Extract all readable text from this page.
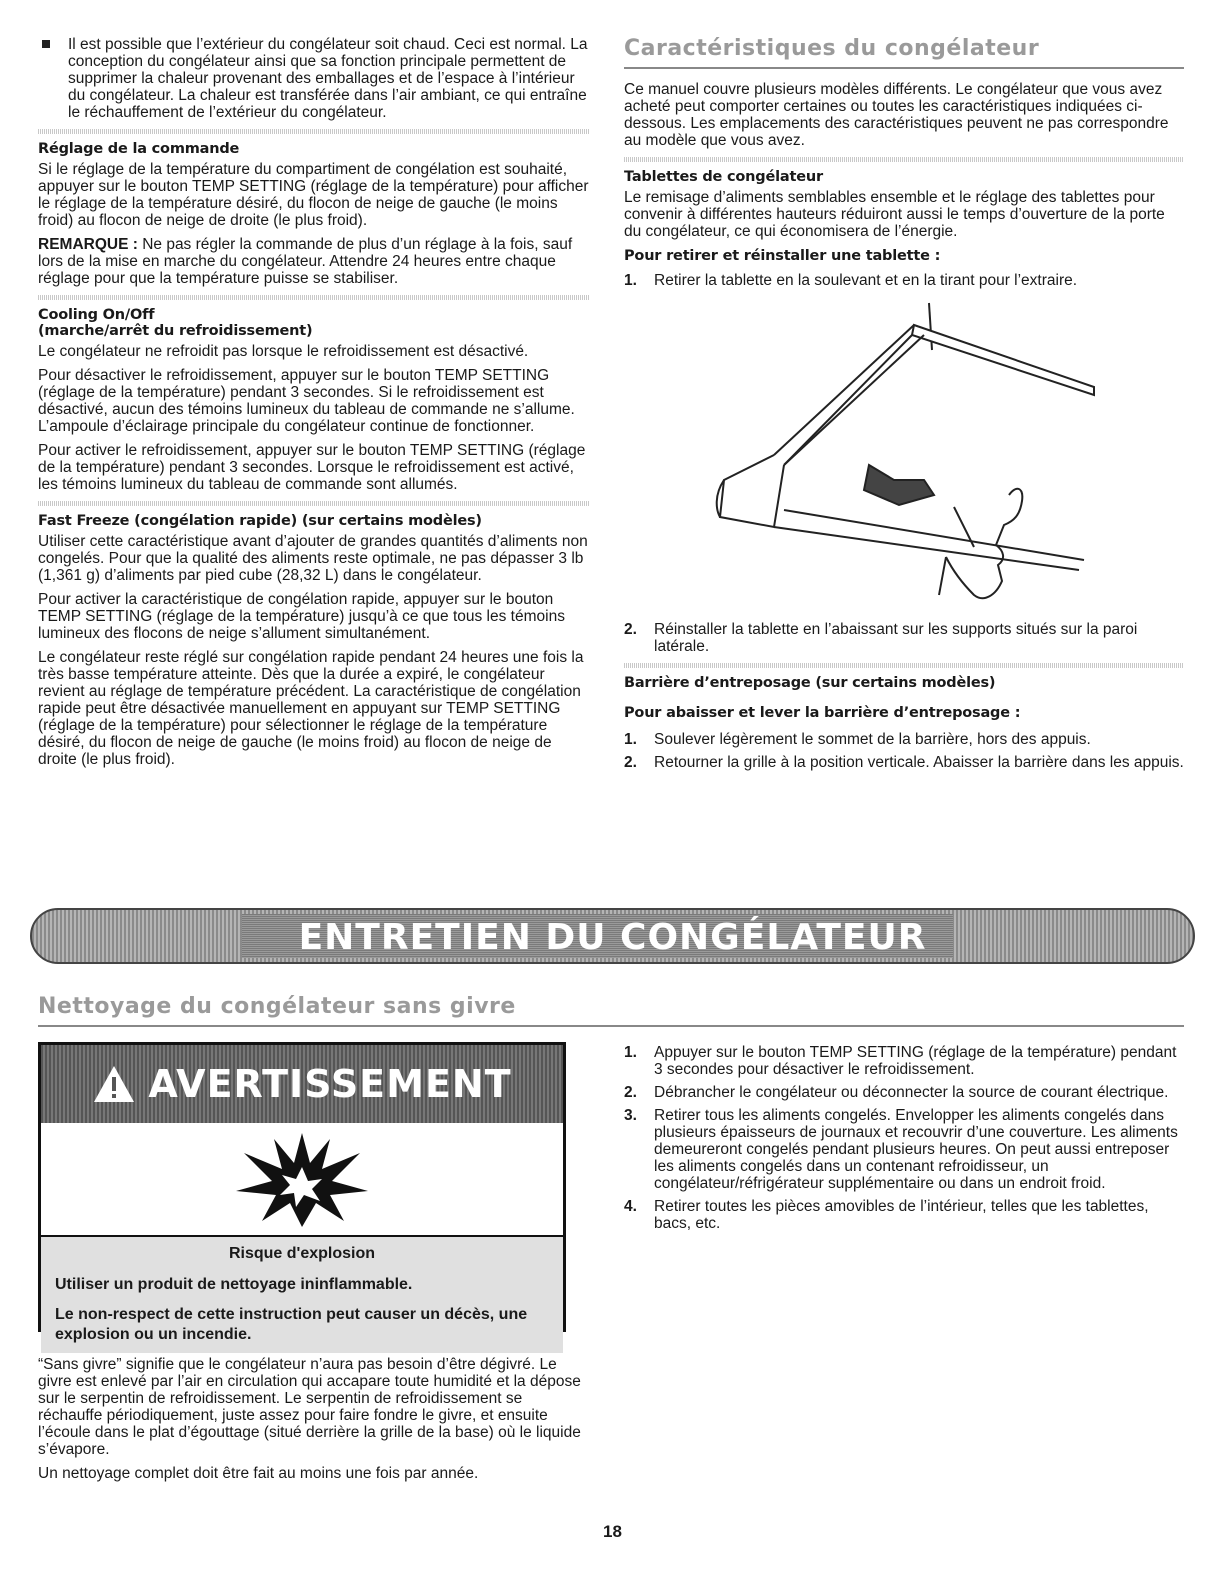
Il est possible que l’extérieur du congélateur soit chaud. Ceci est normal. La conception du congélateur ainsi que sa fonction principale permettent de supprimer la chaleur provenant des emballages et de l’espace à l’intérieur du congélateur. La chaleur est transférée dans l’air ambiant, ce qui entraîne le réchauffement de l’extérieur du congélateur.
Réglage de la commande

Si le réglage de la température du compartiment de congélation est souhaité, appuyer sur le bouton TEMP SETTING (réglage de la température) pour afficher le réglage de la température désiré, du flocon de neige de gauche (le moins froid) au flocon de neige de droite (le plus froid).

REMARQUE : Ne pas régler la commande de plus d’un réglage à la fois, sauf lors de la mise en marche du congélateur. Attendre 24 heures entre chaque réglage pour que la température puisse se stabiliser.

Cooling On/Off
(marche/arrêt du refroidissement)

Le congélateur ne refroidit pas lorsque le refroidissement est désactivé.

Pour désactiver le refroidissement, appuyer sur le bouton TEMP SETTING (réglage de la température) pendant 3 secondes. Si le refroidissement est désactivé, aucun des témoins lumineux du tableau de commande ne s’allume. L’ampoule d’éclairage principale du congélateur continue de fonctionner.

Pour activer le refroidissement, appuyer sur le bouton TEMP SETTING (réglage de la température) pendant 3 secondes. Lorsque le refroidissement est activé, les témoins lumineux du tableau de commande sont allumés.

Fast Freeze (congélation rapide) (sur certains modèles)

Utiliser cette caractéristique avant d’ajouter de grandes quantités d’aliments non congelés. Pour que la qualité des aliments reste optimale, ne pas dépasser 3 lb (1,361 g) d’aliments par pied cube (28,32 L) dans le congélateur.

Pour activer la caractéristique de congélation rapide, appuyer sur le bouton TEMP SETTING (réglage de la température) jusqu’à ce que tous les témoins lumineux des flocons de neige s’allument simultanément.

Le congélateur reste réglé sur congélation rapide pendant 24 heures une fois la très basse température atteinte. Dès que la durée a expiré, le congélateur revient au réglage de température précédent. La caractéristique de congélation rapide peut être désactivée manuellement en appuyant sur TEMP SETTING (réglage de la température) pour sélectionner le réglage de la température désiré, du flocon de neige de gauche (le moins froid) au flocon de neige de droite (le plus froid).

Caractéristiques du congélateur

Ce manuel couvre plusieurs modèles différents. Le congélateur que vous avez acheté peut comporter certaines ou toutes les caractéristiques indiquées ci-dessous. Les emplacements des caractéristiques peuvent ne pas correspondre au modèle que vous avez.

Tablettes de congélateur

Le remisage d’aliments semblables ensemble et le réglage des tablettes pour convenir à différentes hauteurs réduiront aussi le temps d’ouverture de la porte du congélateur, ce qui économisera de l’énergie.

Pour retirer et réinstaller une tablette :
1. Retirer la tablette en la soulevant et en la tirant pour l’extraire.
2. Réinstaller la tablette en l’abaissant sur les supports situés sur la paroi latérale.
Barrière d’entreposage (sur certains modèles)
Pour abaisser et lever la barrière d’entreposage :
1. Soulever légèrement le sommet de la barrière, hors des appuis.
2. Retourner la grille à la position verticale. Abaisser la barrière dans les appuis.
ENTRETIEN DU CONGÉLATEUR
Nettoyage du congélateur sans givre
AVERTISSEMENT
Risque d'explosion
Utiliser un produit de nettoyage ininflammable.
Le non-respect de cette instruction peut causer un décès, une explosion ou un incendie.

“Sans givre” signifie que le congélateur n’aura pas besoin d’être dégivré. Le givre est enlevé par l’air en circulation qui accapare toute humidité et la dépose sur le serpentin de refroidissement. Le serpentin de refroidissement se réchauffe périodiquement, juste assez pour faire fondre le givre, et ensuite l’écoule dans le plat d’égouttage (situé derrière la grille de la base) où le liquide s’évapore.

Un nettoyage complet doit être fait au moins une fois par année.

1. Appuyer sur le bouton TEMP SETTING (réglage de la température) pendant 3 secondes pour désactiver le refroidissement.
2. Débrancher le congélateur ou déconnecter la source de courant électrique.
3. Retirer tous les aliments congelés. Envelopper les aliments congelés dans plusieurs épaisseurs de journaux et recouvrir d’une couverture. Les aliments demeureront congelés pendant plusieurs heures. On peut aussi entreposer les aliments congelés dans un contenant refroidisseur, un congélateur/réfrigérateur supplémentaire ou dans un endroit froid.
4. Retirer toutes les pièces amovibles de l’intérieur, telles que les tablettes, bacs, etc.
18
